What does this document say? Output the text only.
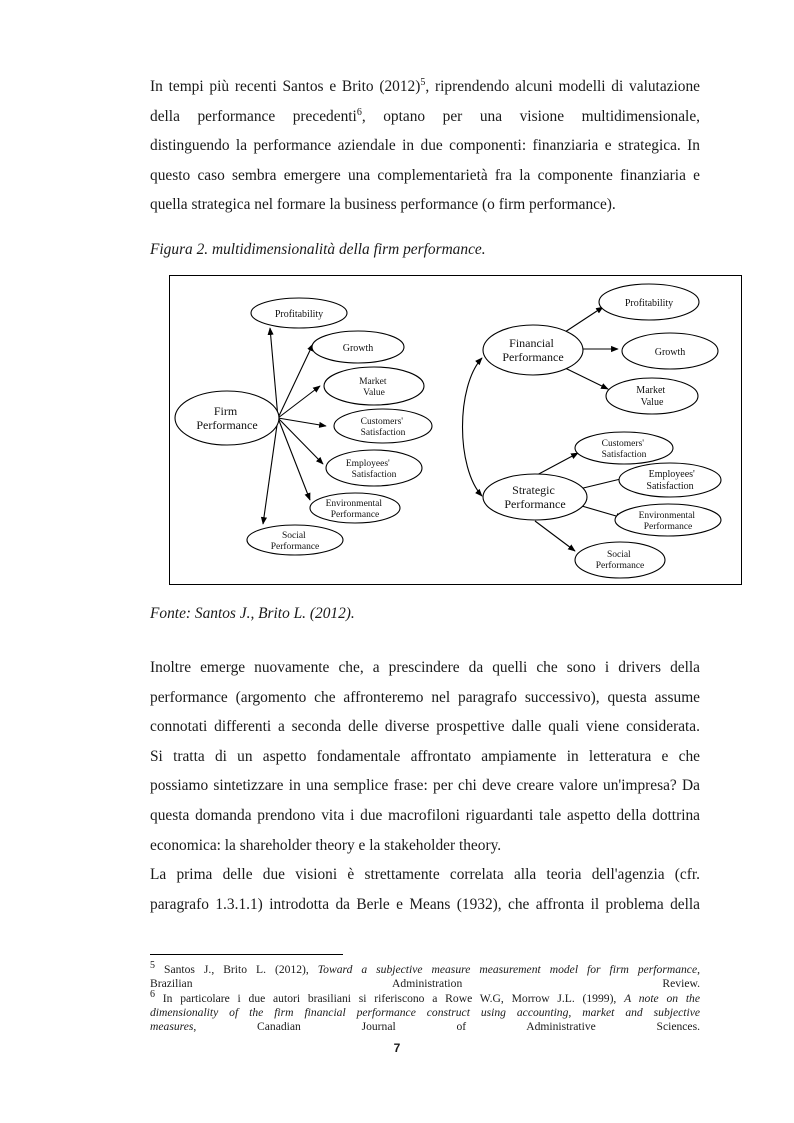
In tempi più recenti Santos e Brito $(2012)^5$, riprendendo alcuni modelli di valutazione
della performance precedenti$^6$, optano per una visione multidimensionale,
distinguendo la performance aziendale in due componenti: finanziaria e strategica. In
questo caso sembra emergere una complementarietà fra la componente finanziaria e
quella strategica nel formare la business performance (o firm performance).
Figura 2. multidimensionalità della firm performance.
Firm Performance
Profitability
Growth
Market Value
Customers' Satisfaction
Employees' Satisfaction
Environmental Performance
Social Performance
Financial Performance
Strategic Performance
Profitability
Growth
Market Value
Customers' Satisfaction
Employees' Satisfaction
Environmental Performance
Social Performance
Fonte: Santos J., Brito L. (2012).
Inoltre emerge nuovamente che, a prescindere da quelli che sono i drivers della
performance (argomento che affronteremo nel paragrafo successivo), questa assume
connotati differenti a seconda delle diverse prospettive dalle quali viene considerata.
Si tratta di un aspetto fondamentale affrontato ampiamente in letteratura e che
possiamo sintetizzare in una semplice frase: per chi deve creare valore un'impresa? Da
questa domanda prendono vita i due macrofiloni riguardanti tale aspetto della dottrina
economica: la shareholder theory e la stakeholder theory.
La prima delle due visioni è strettamente correlata alla teoria dell'agenzia (cfr.
paragrafo 1.3.1.1) introdotta da Berle e Means (1932), che affronta il problema della
$^5$ Santos J., Brito L. (2012), Toward a subjective measure measurement model for firm performance,
Brazilian Administration Review.
$^6$ In particolare i due autori brasiliani si riferiscono a Rowe W.G, Morrow J.L. (1999), A note on the
dimensionality of the firm financial performance construct using accounting, market and subjective
measures, Canadian Journal of Administrative Sciences.
7
